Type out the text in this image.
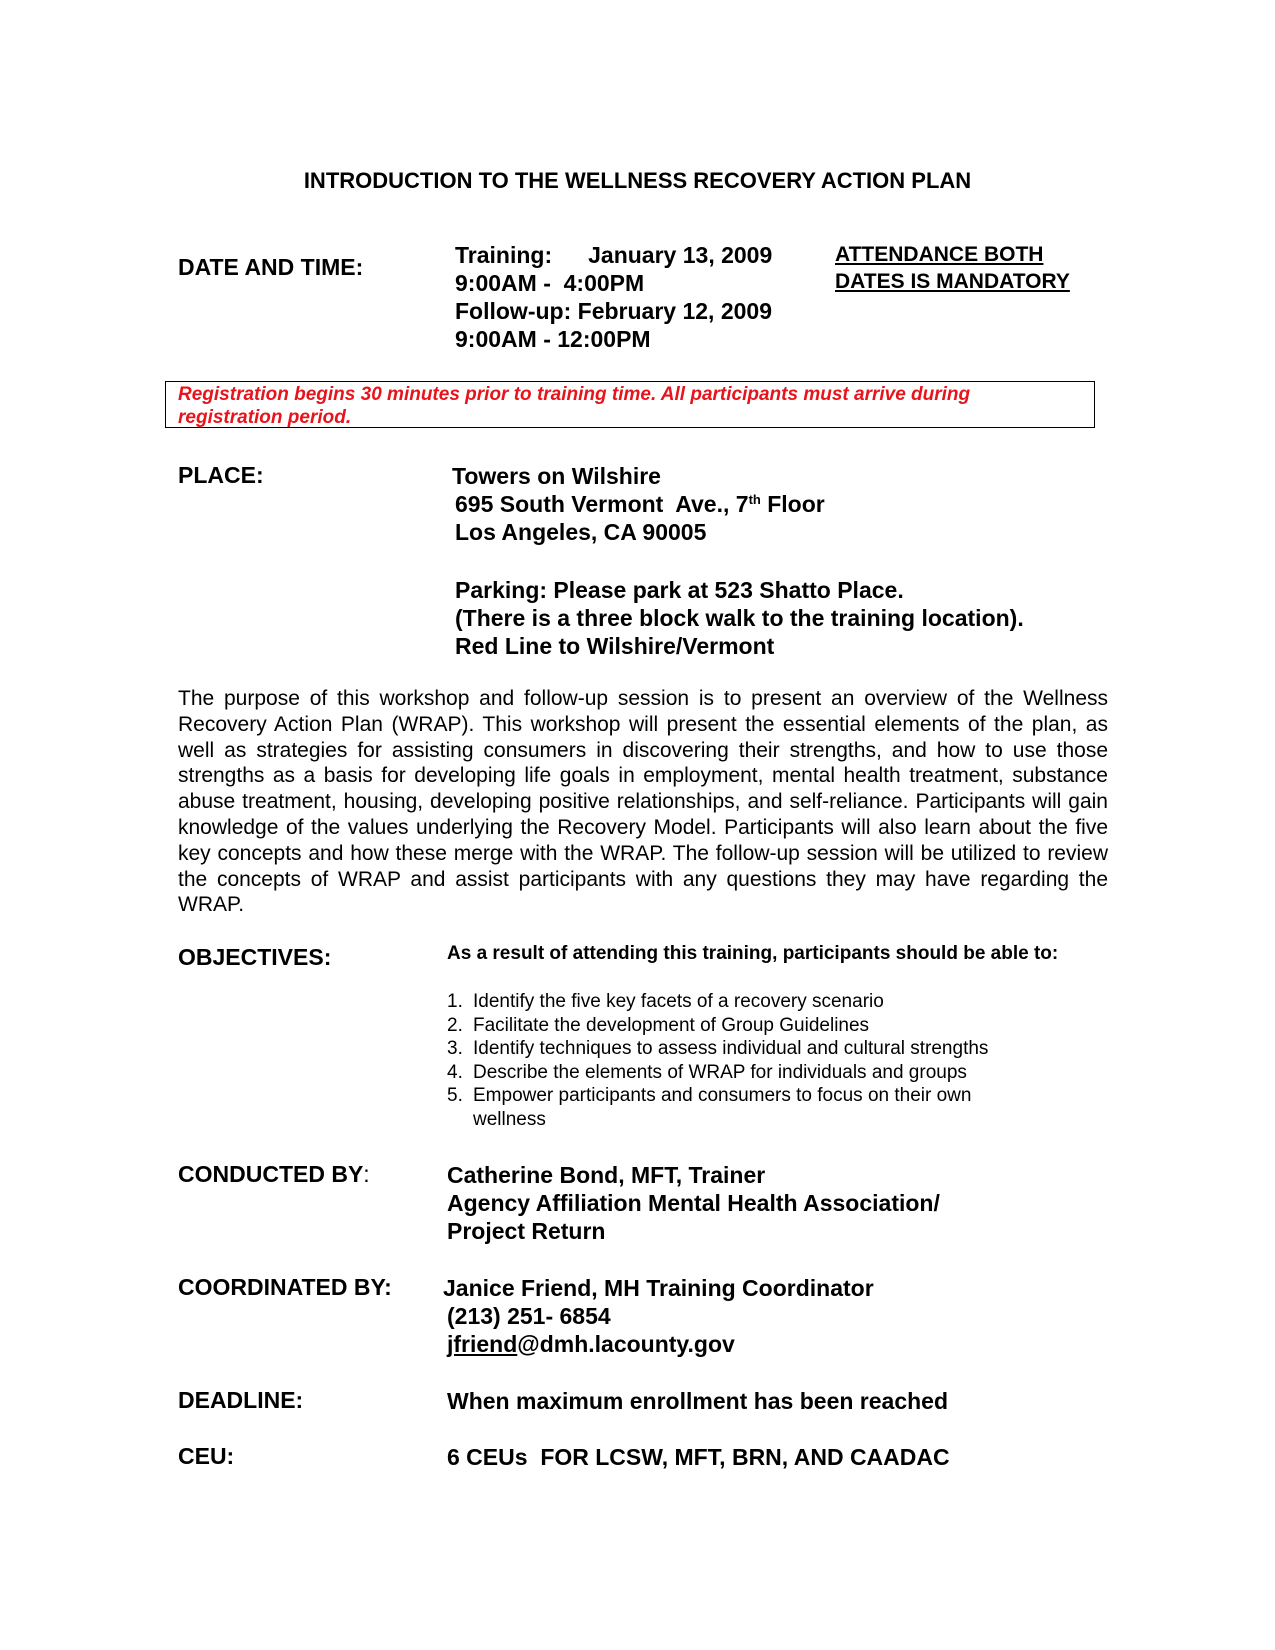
INTRODUCTION TO THE WELLNESS RECOVERY ACTION PLAN
DATE AND TIME:	Training: January 13, 2009
9:00AM -  4:00PM
Follow-up: February 12, 2009
9:00AM - 12:00PM
ATTENDANCE BOTH
DATES IS MANDATORY
Registration begins 30 minutes prior to training time. All participants must arrive during registration period.
PLACE:	Towers on Wilshire
695 South Vermont  Ave., 7th Floor
Los Angeles, CA 90005
Parking: Please park at 523 Shatto Place.
(There is a three block walk to the training location).
Red Line to Wilshire/Vermont

The purpose of this workshop and follow-up session is to present an overview of the Wellness Recovery Action Plan (WRAP). This workshop will present the essential elements of the plan, as well as strategies for assisting consumers in discovering their strengths, and how to use those strengths as a basis for developing life goals in employment, mental health treatment, substance abuse treatment, housing, developing positive relationships, and self-reliance. Participants will gain knowledge of the values underlying the Recovery Model. Participants will also learn about the five key concepts and how these merge with the WRAP. The follow-up session will be utilized to review the concepts of WRAP and assist participants with any questions they may have regarding the WRAP.

OBJECTIVES:	As a result of attending this training, participants should be able to:
1. Identify the five key facets of a recovery scenario
2. Facilitate the development of Group Guidelines
3. Identify techniques to assess individual and cultural strengths
4. Describe the elements of WRAP for individuals and groups
5. Empower participants and consumers to focus on their own wellness
CONDUCTED BY:	Catherine Bond, MFT, Trainer
Agency Affiliation Mental Health Association/
Project Return
COORDINATED BY: Janice Friend, MH Training Coordinator
(213) 251- 6854
jfriend@dmh.lacounty.gov
DEADLINE:	When maximum enrollment has been reached
CEU:	6 CEUs  FOR LCSW, MFT, BRN, AND CAADAC
